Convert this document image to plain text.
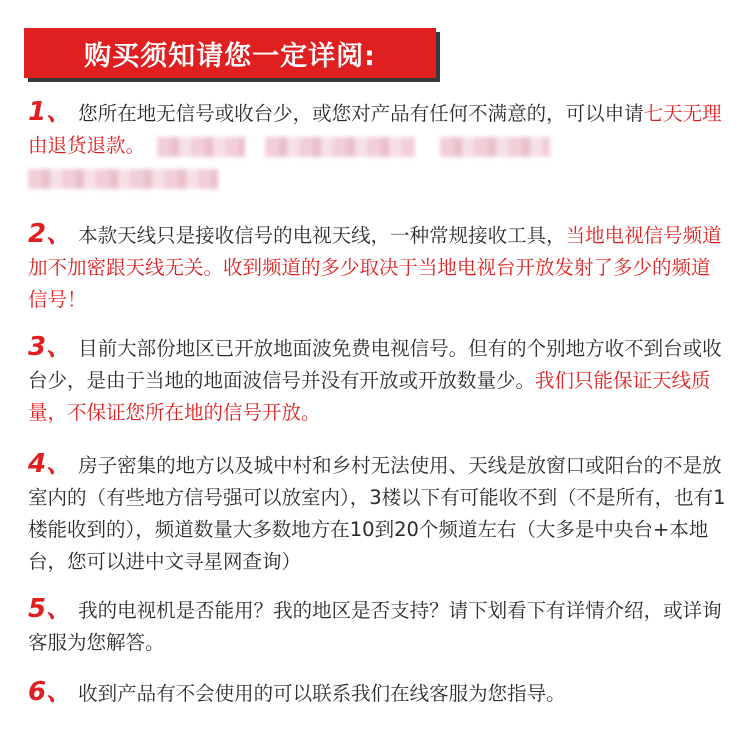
购买须知请您一定详阅:
1、 您所在地无信号或收台少，或您对产品有任何不满意的，可以申请七天无理由退货退款。

2、 本款天线只是接收信号的电视天线，一种常规接收工具，当地电视信号频道加不加密跟天线无关。收到频道的多少取决于当地电视台开放发射了多少的频道信号！
3、 目前大部份地区已开放地面波免费电视信号。但有的个别地方收不到台或收台少，是由于当地的地面波信号并没有开放或开放数量少。我们只能保证天线质量，不保证您所在地的信号开放。
4、 房子密集的地方以及城中村和乡村无法使用、天线是放窗口或阳台的不是放室内的（有些地方信号强可以放室内），3楼以下有可能收不到（不是所有，也有1楼能收到的），频道数量大多数地方在10到20个频道左右（大多是中央台+本地台，您可以进中文寻星网查询）
5、 我的电视机是否能用？我的地区是否支持？请下划看下有详情介绍，或详询客服为您解答。
6、 收到产品有不会使用的可以联系我们在线客服为您指导。
